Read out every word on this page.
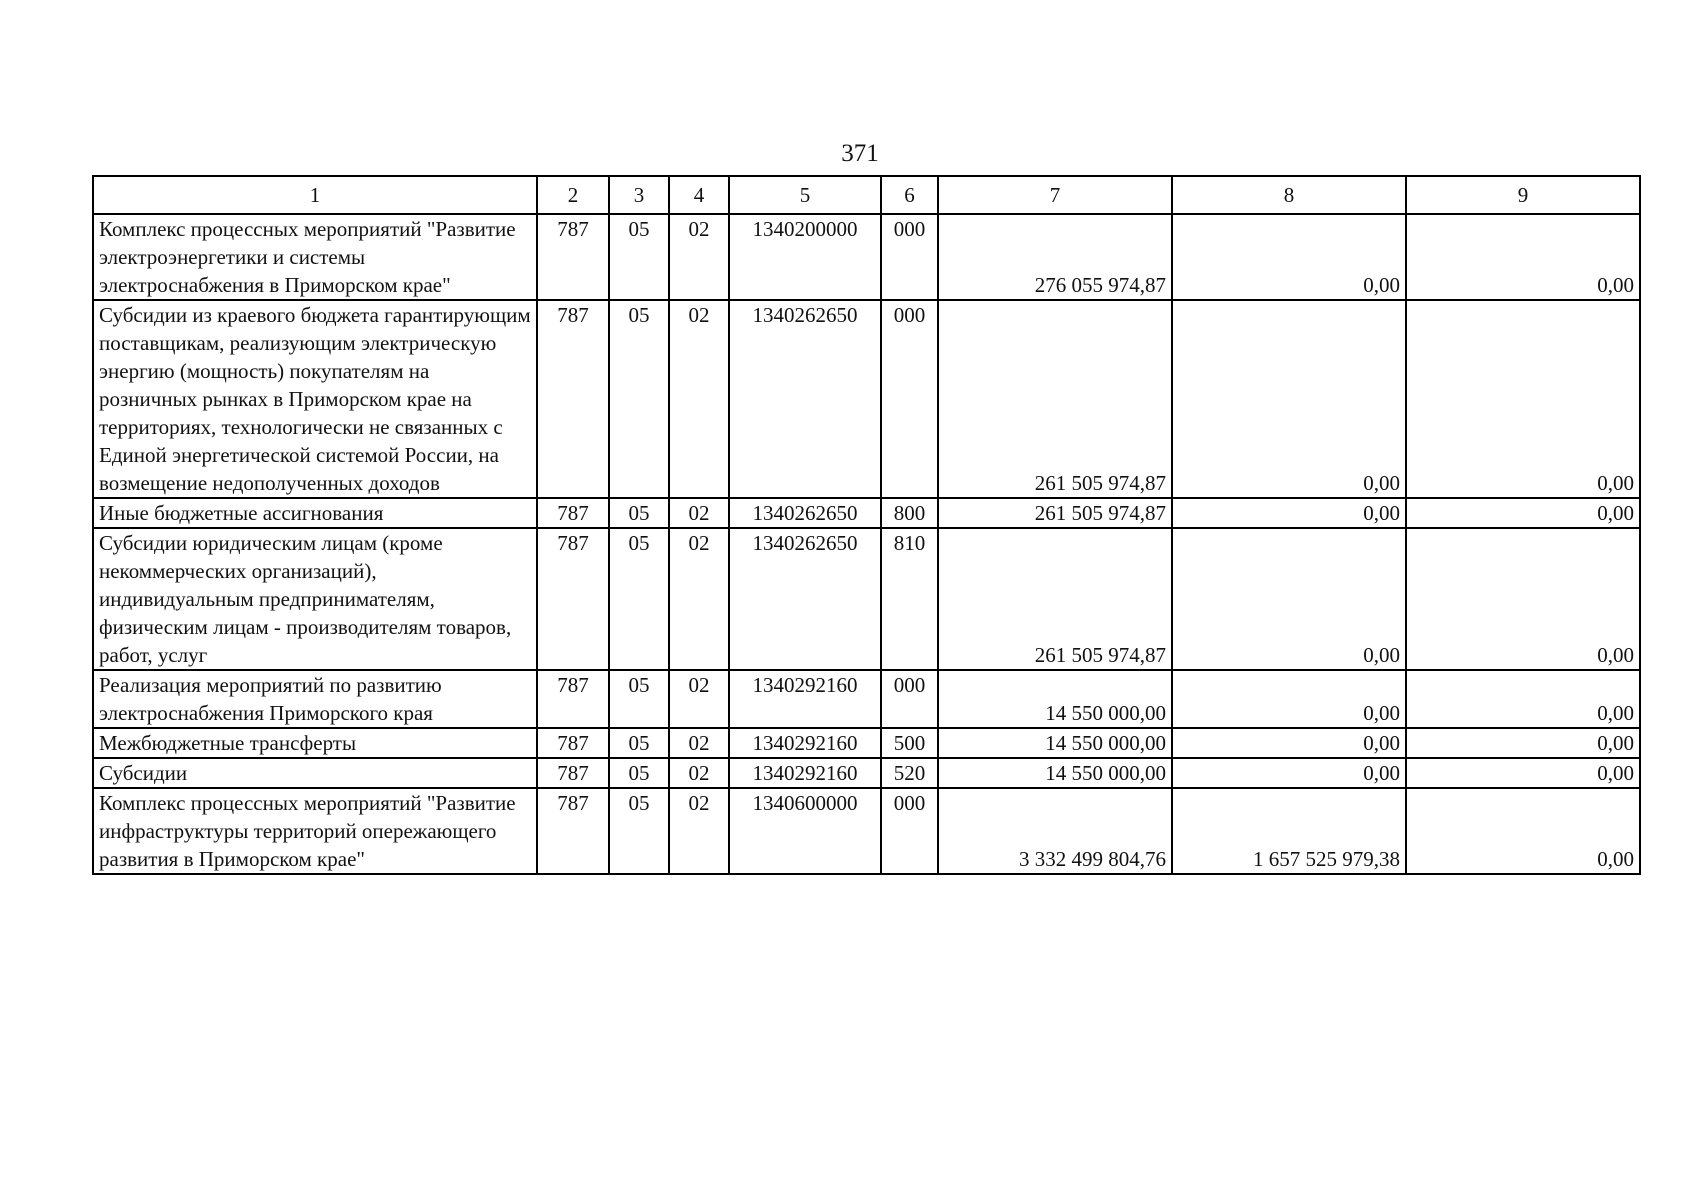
371
1	2	3	4	5	6	7	8	9
Комплекс процессных мероприятий "Развитие электроэнергетики и системы электроснабжения в Приморском крае"	787	05	02	1340200000	000	276 055 974,87	0,00	0,00
Субсидии из краевого бюджета гарантирующим поставщикам, реализующим электрическую энергию (мощность) покупателям на розничных рынках в Приморском крае на территориях, технологически не связанных с Единой энергетической системой России, на возмещение недополученных доходов	787	05	02	1340262650	000	261 505 974,87	0,00	0,00
Иные бюджетные ассигнования	787	05	02	1340262650	800	261 505 974,87	0,00	0,00
Субсидии юридическим лицам (кроме некоммерческих организаций), индивидуальным предпринимателям, физическим лицам - производителям товаров, работ, услуг	787	05	02	1340262650	810	261 505 974,87	0,00	0,00
Реализация мероприятий по развитию электроснабжения Приморского края	787	05	02	1340292160	000	14 550 000,00	0,00	0,00
Межбюджетные трансферты	787	05	02	1340292160	500	14 550 000,00	0,00	0,00
Субсидии	787	05	02	1340292160	520	14 550 000,00	0,00	0,00
Комплекс процессных мероприятий "Развитие инфраструктуры территорий опережающего развития в Приморском крае"	787	05	02	1340600000	000	3 332 499 804,76	1 657 525 979,38	0,00
